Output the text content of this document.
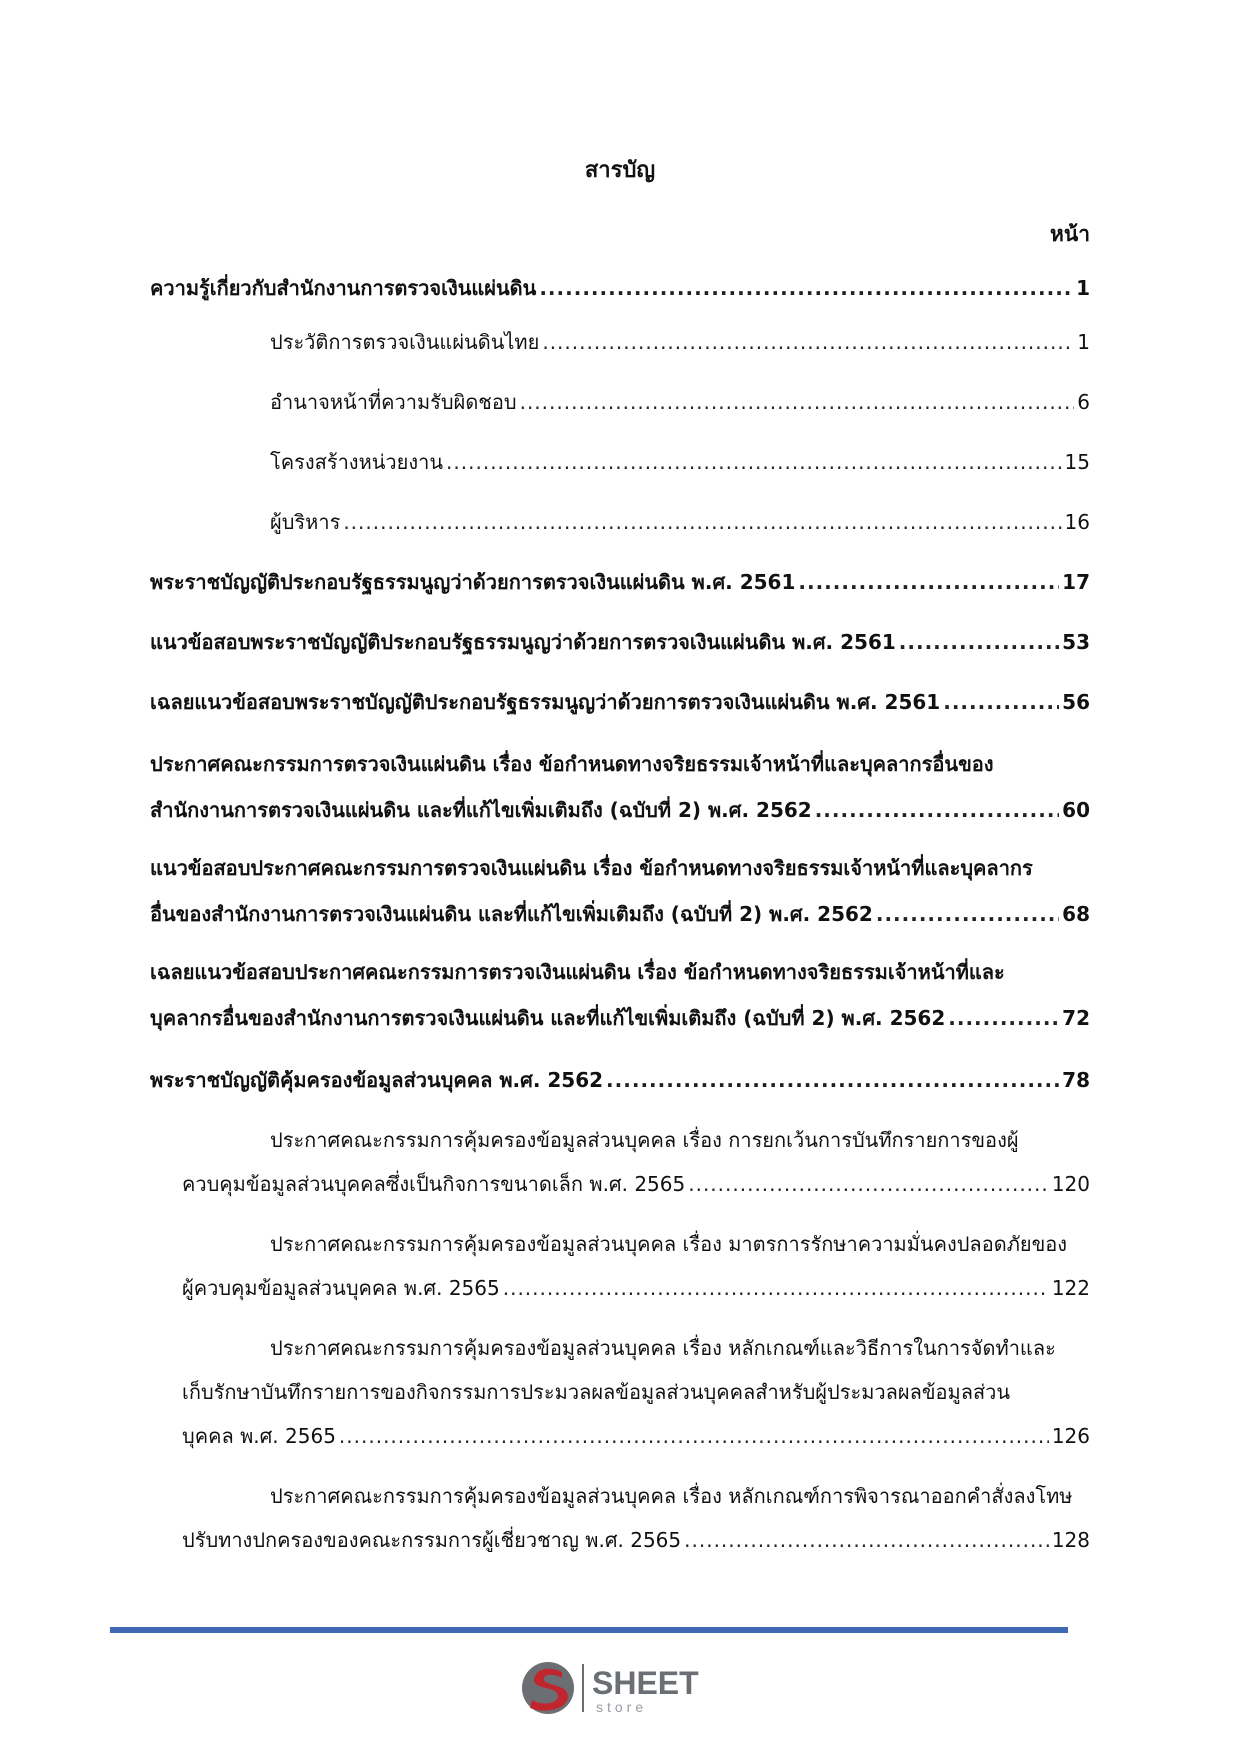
สารบัญ
หน้า
ความรู้เกี่ยวกับสำนักงานการตรวจเงินแผ่นดิน .....	1
ประวัติการตรวจเงินแผ่นดินไทย .....	1
อำนาจหน้าที่ความรับผิดชอบ .....	6
โครงสร้างหน่วยงาน .....	15
ผู้บริหาร .....	16
พระราชบัญญัติประกอบรัฐธรรมนูญว่าด้วยการตรวจเงินแผ่นดิน พ.ศ. 2561 .....	17
แนวข้อสอบพระราชบัญญัติประกอบรัฐธรรมนูญว่าด้วยการตรวจเงินแผ่นดิน พ.ศ. 2561 .....	53
เฉลยแนวข้อสอบพระราชบัญญัติประกอบรัฐธรรมนูญว่าด้วยการตรวจเงินแผ่นดิน พ.ศ. 2561 .....	56
ประกาศคณะกรรมการตรวจเงินแผ่นดิน เรื่อง ข้อกำหนดทางจริยธรรมเจ้าหน้าที่และบุคลากรอื่นของ
สำนักงานการตรวจเงินแผ่นดิน และที่แก้ไขเพิ่มเติมถึง (ฉบับที่ 2) พ.ศ. 2562 .....	60
แนวข้อสอบประกาศคณะกรรมการตรวจเงินแผ่นดิน เรื่อง ข้อกำหนดทางจริยธรรมเจ้าหน้าที่และบุคลากร
อื่นของสำนักงานการตรวจเงินแผ่นดิน และที่แก้ไขเพิ่มเติมถึง (ฉบับที่ 2) พ.ศ. 2562 .....	68
เฉลยแนวข้อสอบประกาศคณะกรรมการตรวจเงินแผ่นดิน เรื่อง ข้อกำหนดทางจริยธรรมเจ้าหน้าที่และ
บุคลากรอื่นของสำนักงานการตรวจเงินแผ่นดิน และที่แก้ไขเพิ่มเติมถึง (ฉบับที่ 2) พ.ศ. 2562 .....	72
พระราชบัญญัติคุ้มครองข้อมูลส่วนบุคคล พ.ศ. 2562 .....	78
ประกาศคณะกรรมการคุ้มครองข้อมูลส่วนบุคคล เรื่อง การยกเว้นการบันทึกรายการของผู้
ควบคุมข้อมูลส่วนบุคคลซึ่งเป็นกิจการขนาดเล็ก พ.ศ. 2565 .....	120
ประกาศคณะกรรมการคุ้มครองข้อมูลส่วนบุคคล เรื่อง มาตรการรักษาความมั่นคงปลอดภัยของ
ผู้ควบคุมข้อมูลส่วนบุคคล พ.ศ. 2565 .....	122
ประกาศคณะกรรมการคุ้มครองข้อมูลส่วนบุคคล เรื่อง หลักเกณฑ์และวิธีการในการจัดทำและ
เก็บรักษาบันทึกรายการของกิจกรรมการประมวลผลข้อมูลส่วนบุคคลสำหรับผู้ประมวลผลข้อมูลส่วน
บุคคล พ.ศ. 2565 .....	126
ประกาศคณะกรรมการคุ้มครองข้อมูลส่วนบุคคล เรื่อง หลักเกณฑ์การพิจารณาออกคำสั่งลงโทษ
ปรับทางปกครองของคณะกรรมการผู้เชี่ยวชาญ พ.ศ. 2565 .....	128
SHEET
store
